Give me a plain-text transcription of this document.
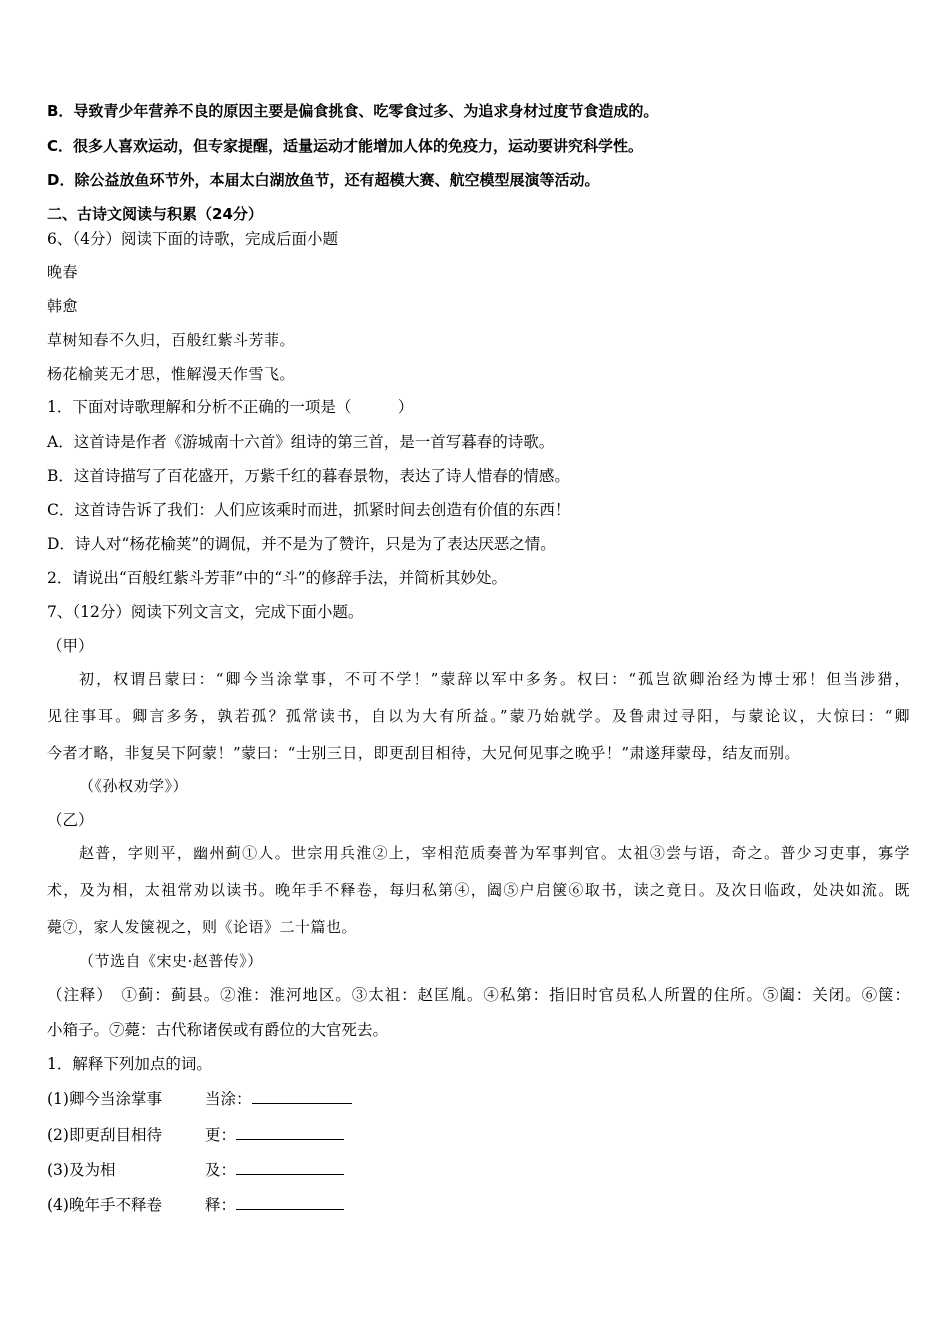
B．导致青少年营养不良的原因主要是偏食挑食、吃零食过多、为追求身材过度节食造成的。
C．很多人喜欢运动，但专家提醒，适量运动才能增加人体的免疫力，运动要讲究科学性。
D．除公益放鱼环节外，本届太白湖放鱼节，还有超模大赛、航空模型展演等活动。
二、古诗文阅读与积累（24分）
6、（4分）阅读下面的诗歌，完成后面小题
晚春
韩愈
草树知春不久归，百般红紫斗芳菲。
杨花榆荚无才思，惟解漫天作雪飞。
1．下面对诗歌理解和分析不正确的一项是（　　　）
A．这首诗是作者《游城南十六首》组诗的第三首，是一首写暮春的诗歌。
B．这首诗描写了百花盛开，万紫千红的暮春景物，表达了诗人惜春的情感。
C．这首诗告诉了我们：人们应该乘时而进，抓紧时间去创造有价值的东西！
D．诗人对“杨花榆荚”的调侃，并不是为了赞许，只是为了表达厌恶之情。
2．请说出“百般红紫斗芳菲”中的“斗”的修辞手法，并简析其妙处。
7、（12分）阅读下列文言文，完成下面小题。
（甲）
初，权谓吕蒙曰：“卿今当涂掌事，不可不学！”蒙辞以军中多务。权曰：“孤岂欲卿治经为博士邪！但当涉猎，
见往事耳。卿言多务，孰若孤？孤常读书，自以为大有所益。”蒙乃始就学。及鲁肃过寻阳，与蒙论议，大惊曰：“卿
今者才略，非复吴下阿蒙！”蒙曰：“士别三日，即更刮目相待，大兄何见事之晚乎！”肃遂拜蒙母，结友而别。
（《孙权劝学》）
（乙）
赵普，字则平，幽州蓟①人。世宗用兵淮②上，宰相范质奏普为军事判官。太祖③尝与语，奇之。普少习吏事，寡学
术，及为相，太祖常劝以读书。晚年手不释卷，每归私第④，阖⑤户启箧⑥取书，读之竟日。及次日临政，处决如流。既
薨⑦，家人发箧视之，则《论语》二十篇也。
（节选自《宋史·赵普传》）
（注释）　①蓟：蓟县。②淮：淮河地区。③太祖：赵匡胤。④私第：指旧时官员私人所置的住所。⑤阖：关闭。⑥箧：
小箱子。⑦薨：古代称诸侯或有爵位的大官死去。
1．解释下列加点的词。
(1)卿今当涂掌事	当涂：
(2)即更刮目相待	更：
(3)及为相	及：
(4)晚年手不释卷	释：
